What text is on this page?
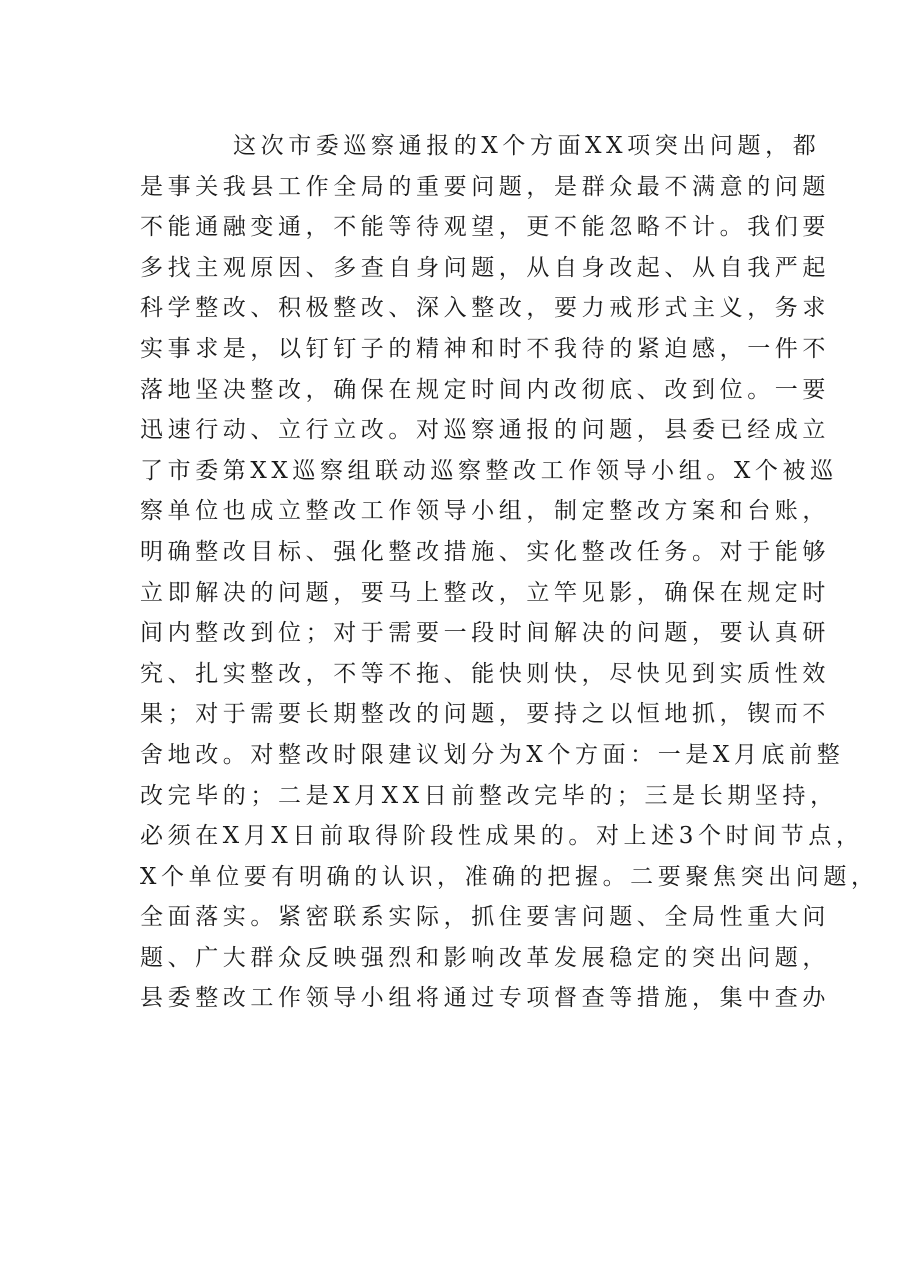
这次市委巡察通报的X个方面XX项突出问题，都
是事关我县工作全局的重要问题，是群众最不满意的问题
不能通融变通，不能等待观望，更不能忽略不计。我们要
多找主观原因、多查自身问题，从自身改起、从自我严起
科学整改、积极整改、深入整改，要力戒形式主义，务求
实事求是，以钉钉子的精神和时不我待的紧迫感，一件不
落地坚决整改，确保在规定时间内改彻底、改到位。一要
迅速行动、立行立改。对巡察通报的问题，县委已经成立
了市委第XX巡察组联动巡察整改工作领导小组。X个被巡
察单位也成立整改工作领导小组，制定整改方案和台账，
明确整改目标、强化整改措施、实化整改任务。对于能够
立即解决的问题，要马上整改，立竿见影，确保在规定时
间内整改到位；对于需要一段时间解决的问题，要认真研
究、扎实整改，不等不拖、能快则快，尽快见到实质性效
果；对于需要长期整改的问题，要持之以恒地抓，锲而不
舍地改。对整改时限建议划分为X个方面：一是X月底前整
改完毕的；二是X月XX日前整改完毕的；三是长期坚持，
必须在X月X日前取得阶段性成果的。对上述3个时间节点，
X个单位要有明确的认识，准确的把握。二要聚焦突出问题，
全面落实。紧密联系实际，抓住要害问题、全局性重大问
题、广大群众反映强烈和影响改革发展稳定的突出问题，
县委整改工作领导小组将通过专项督查等措施，集中查办
